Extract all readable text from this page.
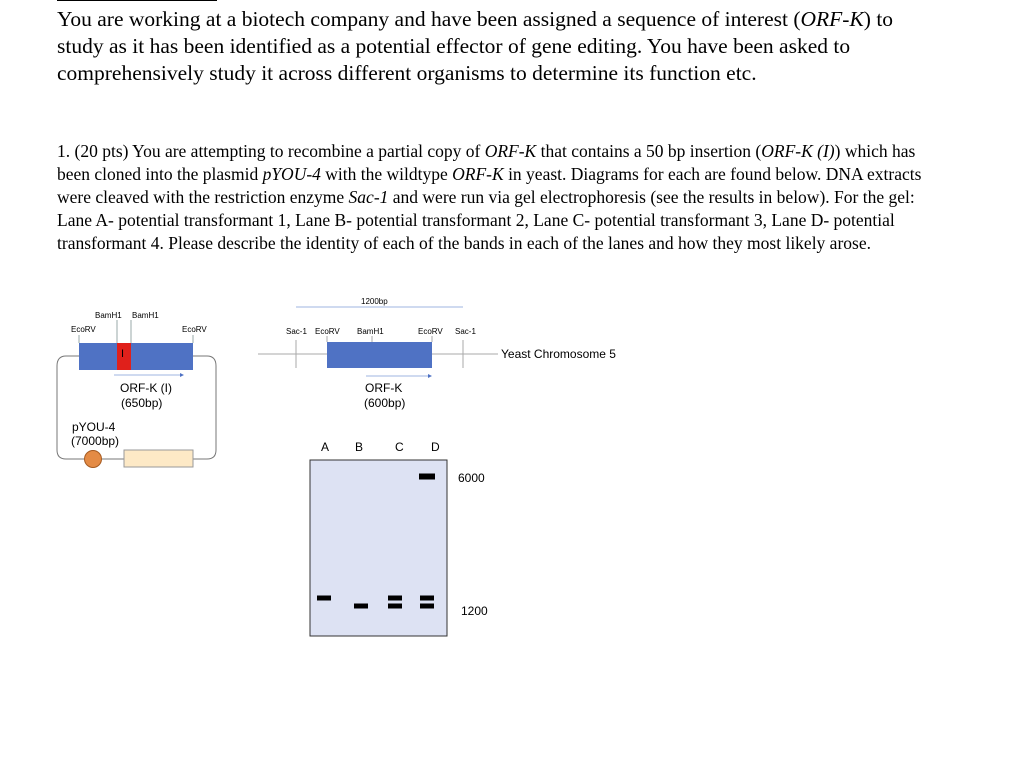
You are working at a biotech company and have been assigned a sequence of interest (ORF-K) to study as it has been identified as a potential effector of gene editing. You have been asked to comprehensively study it across different organisms to determine its function etc.
1. (20 pts) You are attempting to recombine a partial copy of ORF-K that contains a 50 bp insertion (ORF-K (I)) which has been cloned into the plasmid pYOU-4 with the wildtype ORF-K in yeast. Diagrams for each are found below. DNA extracts were cleaved with the restriction enzyme Sac-1 and were run via gel electrophoresis (see the results in below). For the gel: Lane A- potential transformant 1, Lane B- potential transformant 2, Lane C- potential transformant 3, Lane D- potential transformant 4. Please describe the identity of each of the bands in each of the lanes and how they most likely arose.
BamH1 BamH1
EcoRV	EcoRV
I
ORF-K (I)
(650bp)
pYOU-4
(7000bp)
1200bp
Sac-1 EcoRV BamH1	EcoRV Sac-1
Yeast Chromosome 5
ORF-K
(600bp)
A B	C D
6000
1200
